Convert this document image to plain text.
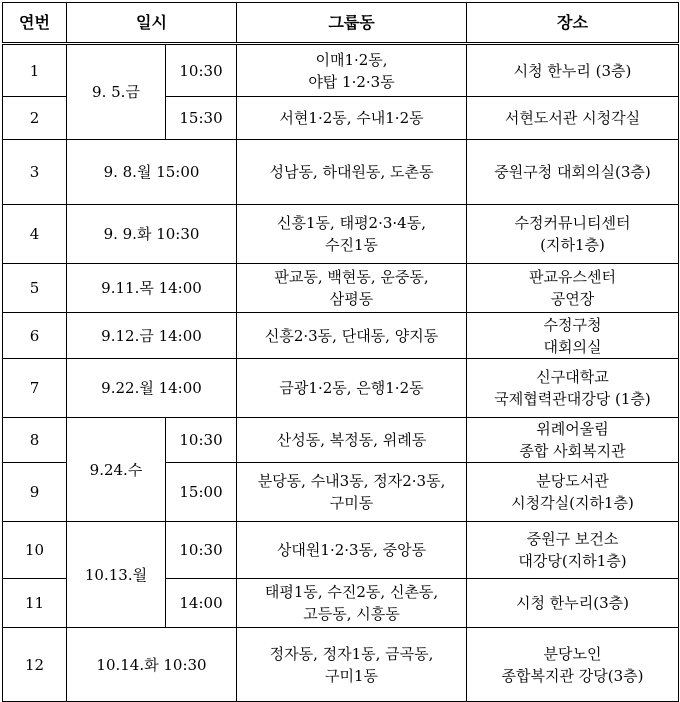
연번	일시		그룹동	장소
1	9. 5.금	10:30	이매1·2동,
야탑 1·2·3동	시청 한누리 (3층)

2		15:30	서현1·2동, 수내1·2동	서현도서관 시청각실

3	9. 8.월 15:00		성남동, 하대원동, 도촌동	중원구청 대회의실(3층)

4	9. 9.화 10:30		신흥1동, 태평2·3·4동,
수진1동	수정커뮤니티센터
(지하1층)

5	9.11.목 14:00		판교동, 백현동, 운중동,
삼평동	판교유스센터
공연장

6	9.12.금 14:00		신흥2·3동, 단대동, 양지동	수정구청
대회의실

7	9.22.월 14:00		금광1·2동, 은행1·2동	신구대학교
국제협력관대강당 (1층)

8	9.24.수	10:30	산성동, 복정동, 위례동	위례어울림
종합 사회복지관

9		15:00	분당동, 수내3동, 정자2·3동,
구미동	분당도서관
시청각실(지하1층)

10	10.13.월	10:30	상대원1·2·3동, 중앙동	중원구 보건소
대강당(지하1층)

11		14:00	태평1동, 수진2동, 신촌동,
고등동, 시흥동	시청 한누리(3층)

12	10.14.화 10:30		정자동, 정자1동, 금곡동,
구미1동	분당노인
종합복지관 강당(3층)
